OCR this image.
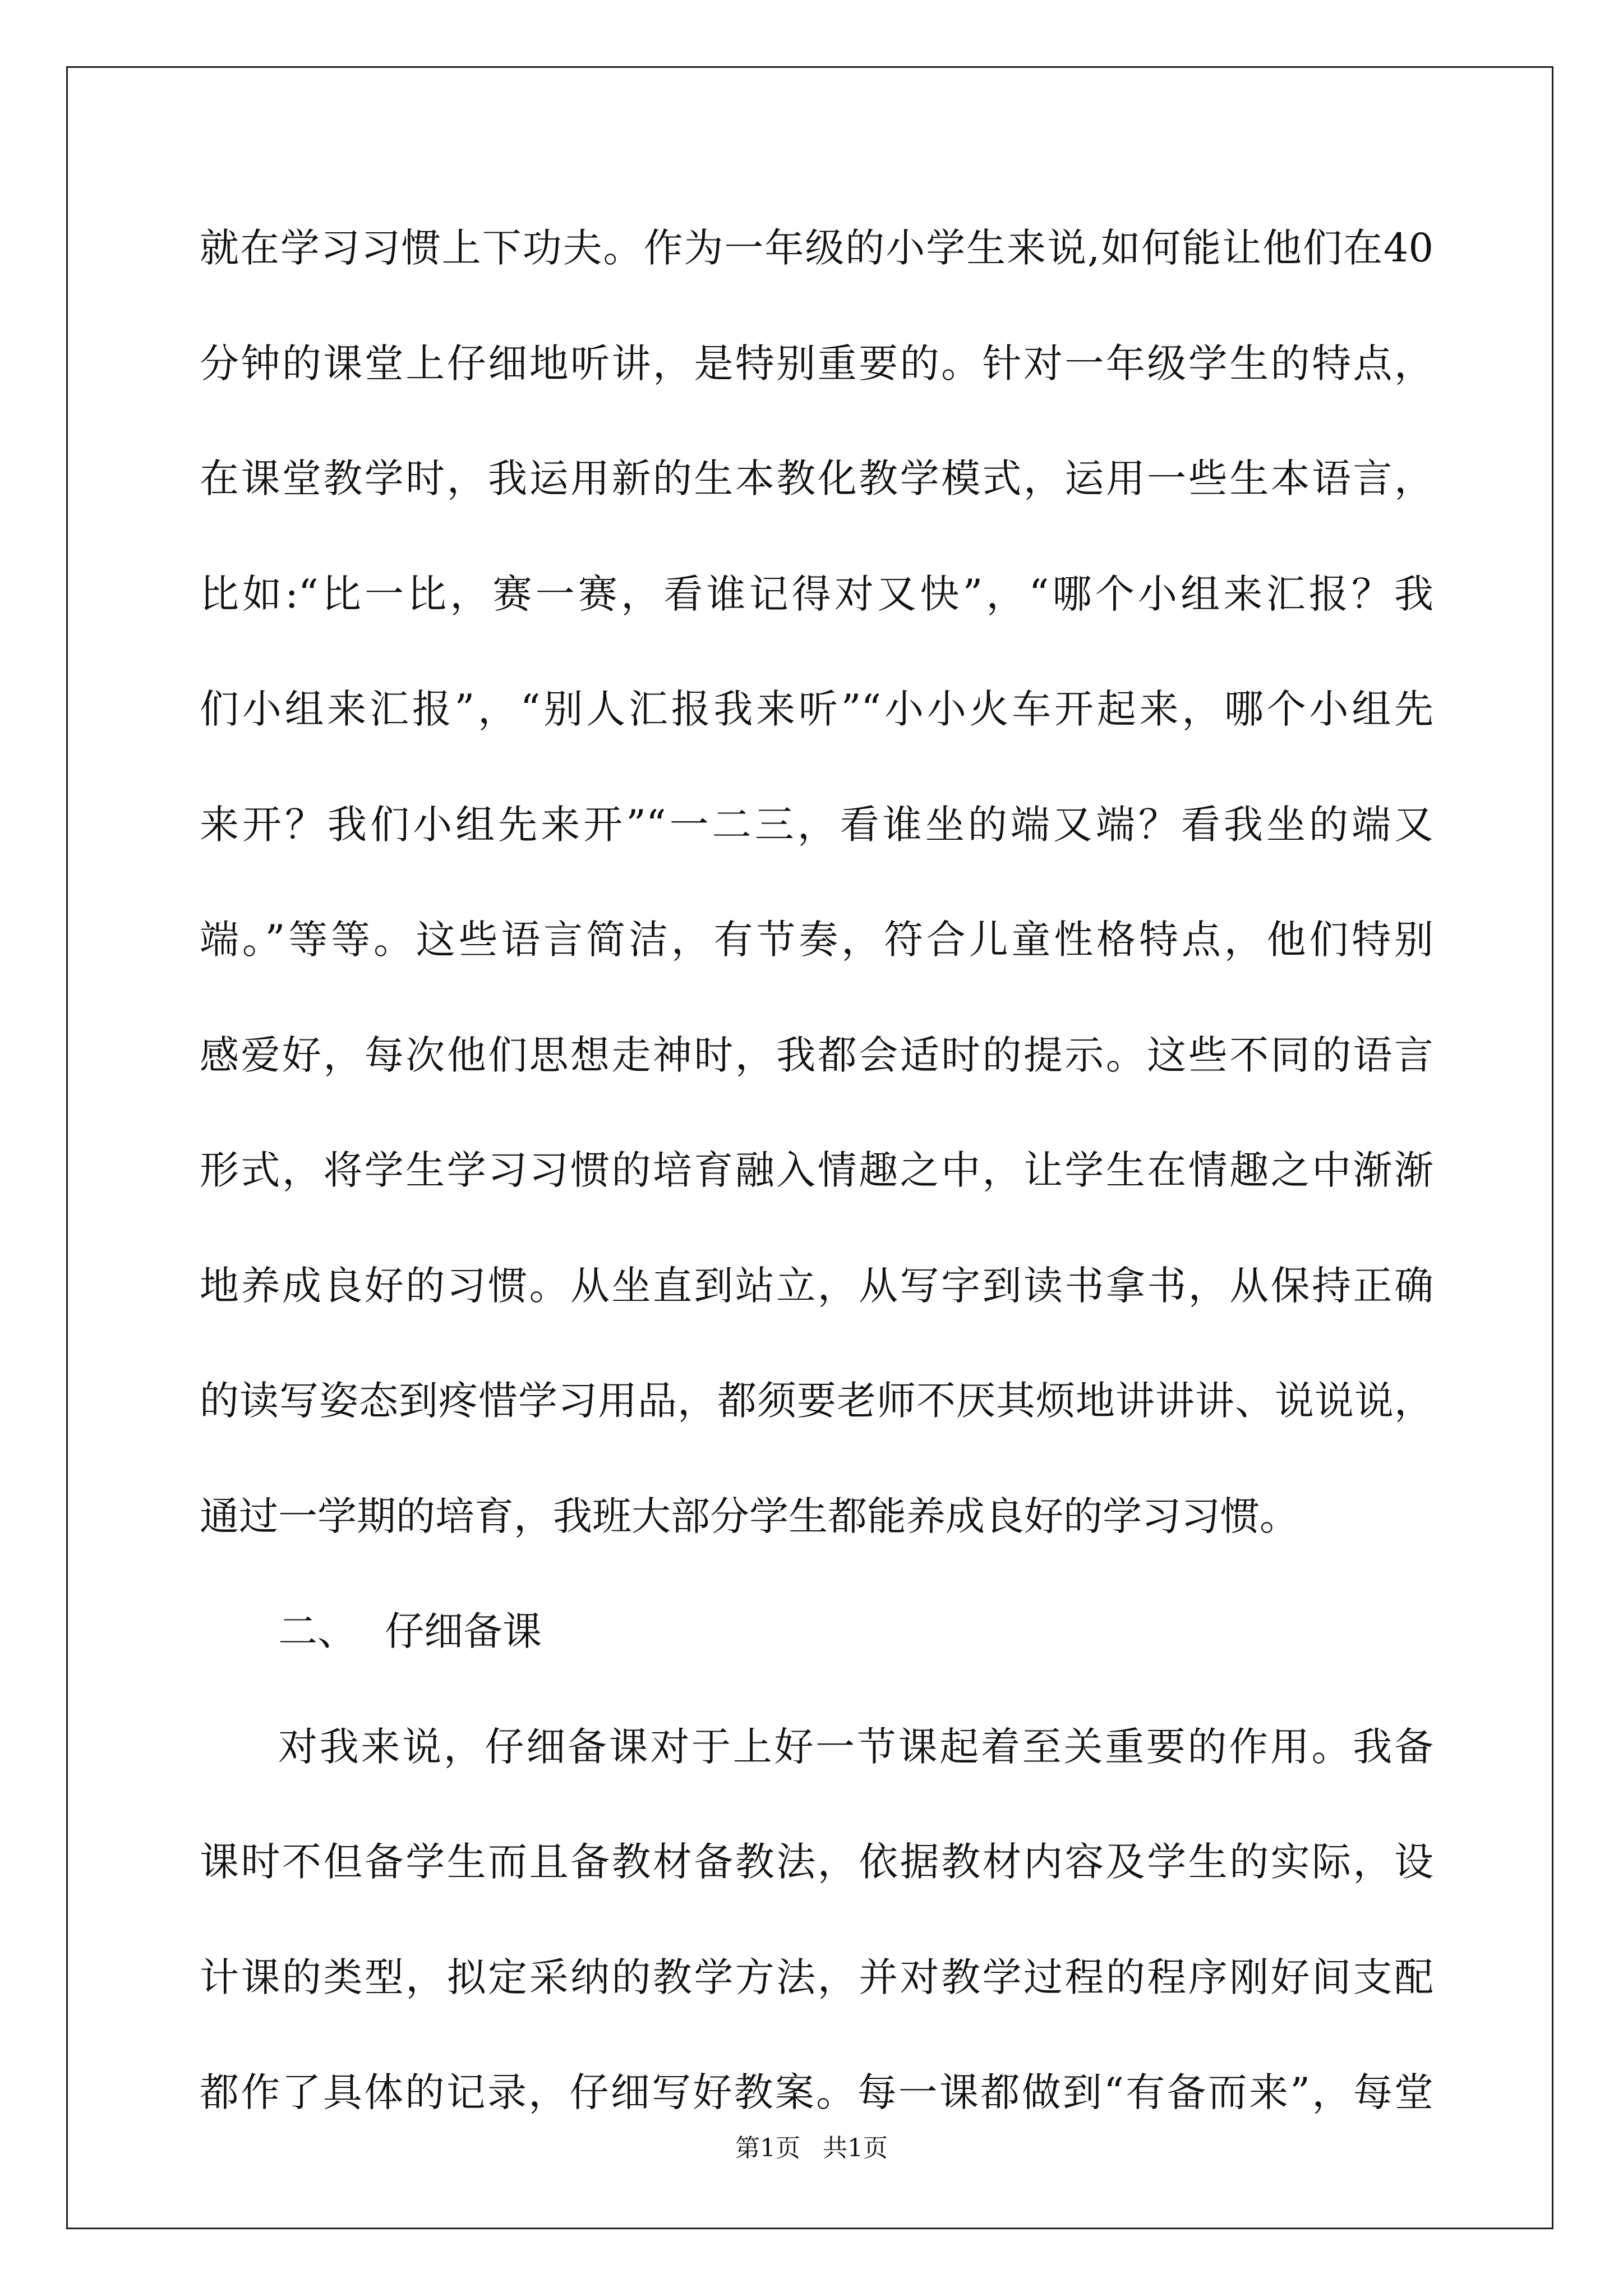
就在学习习惯上下功夫。作为一年级的小学生来说,如何能让他们在40
分钟的课堂上仔细地听讲，是特别重要的。针对一年级学生的特点，
在课堂教学时，我运用新的生本教化教学模式，运用一些生本语言，
比如:“比一比，赛一赛，看谁记得对又快”，“哪个小组来汇报？我
们小组来汇报”，“别人汇报我来听”“小小火车开起来，哪个小组先
来开？我们小组先来开”“一二三，看谁坐的端又端？看我坐的端又
端。”等等。这些语言简洁，有节奏，符合儿童性格特点，他们特别
感爱好，每次他们思想走神时，我都会适时的提示。这些不同的语言
形式，将学生学习习惯的培育融入情趣之中，让学生在情趣之中渐渐
地养成良好的习惯。从坐直到站立，从写字到读书拿书，从保持正确
的读写姿态到疼惜学习用品，都须要老师不厌其烦地讲讲讲、说说说，
通过一学期的培育，我班大部分学生都能养成良好的学习习惯。
二、 仔细备课
对我来说，仔细备课对于上好一节课起着至关重要的作用。我备
课时不但备学生而且备教材备教法，依据教材内容及学生的实际，设
计课的类型，拟定采纳的教学方法，并对教学过程的程序刚好间支配
都作了具体的记录，仔细写好教案。每一课都做到“有备而来”，每堂
第1页 共1页
